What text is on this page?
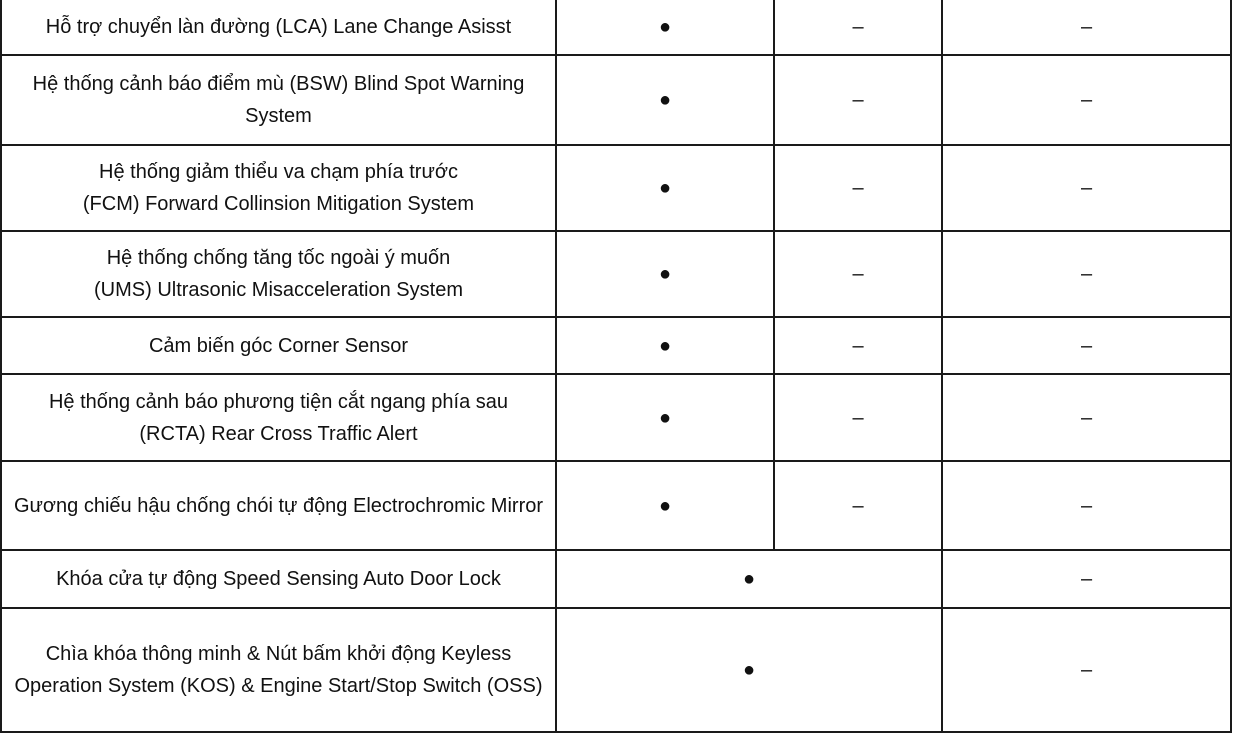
Hỗ trợ chuyển làn đường (LCA) Lane Change Asisst	●	–	–
Hệ thống cảnh báo điểm mù (BSW) Blind Spot Warning System	●	–	–
Hệ thống giảm thiểu va chạm phía trước
(FCM) Forward Collinsion Mitigation System	●	–	–
Hệ thống chống tăng tốc ngoài ý muốn
(UMS) Ultrasonic Misacceleration System	●	–	–
Cảm biến góc Corner Sensor	●	–	–
Hệ thống cảnh báo phương tiện cắt ngang phía sau
(RCTA) Rear Cross Traffic Alert	●	–	–
Gương chiếu hậu chống chói tự động Electrochromic Mirror	●	–	–
Khóa cửa tự động Speed Sensing Auto Door Lock	●		–
Chìa khóa thông minh & Nút bấm khởi động Keyless Operation System (KOS) & Engine Start/Stop Switch (OSS)	●		–
